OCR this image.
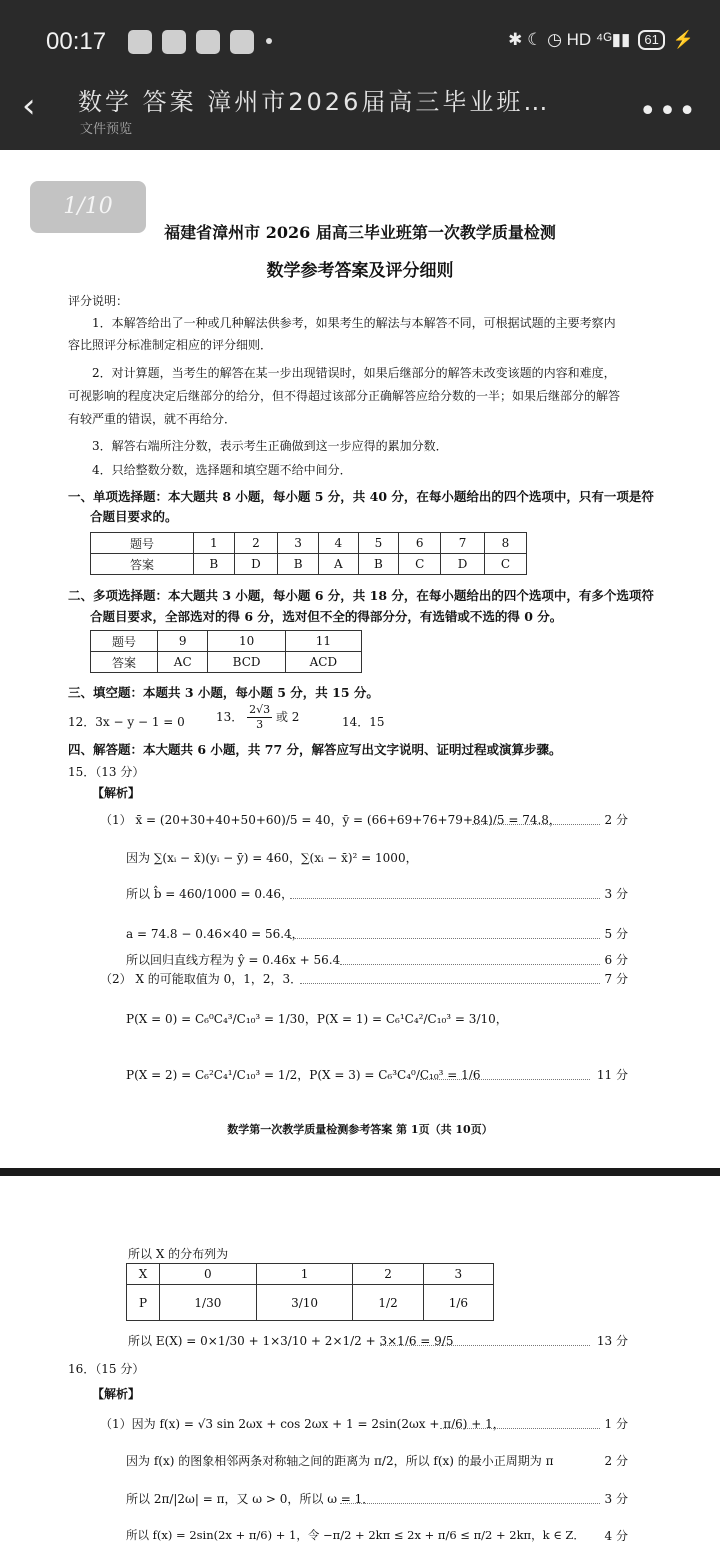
00:17	✱ ☾ ◷ HD ⁴ᴳ▮▮	61 ⚡
‹	数学 答案 漳州市2026届高三毕业班…
文件预览
•••
1/10
福建省漳州市 2026 届高三毕业班第一次教学质量检测
数学参考答案及评分细则
评分说明：
1．本解答给出了一种或几种解法供参考，如果考生的解法与本解答不同，可根据试题的主要考察内
容比照评分标准制定相应的评分细则．
2．对计算题，当考生的解答在某一步出现错误时，如果后继部分的解答未改变该题的内容和难度，
可视影响的程度决定后继部分的给分，但不得超过该部分正确解答应给分数的一半；如果后继部分的解答
有较严重的错误，就不再给分．
3．解答右端所注分数，表示考生正确做到这一步应得的累加分数．
4．只给整数分数，选择题和填空题不给中间分．
一、单项选择题：本大题共 8 小题，每小题 5 分，共 40 分，在每小题给出的四个选项中，只有一项是符
合题目要求的。
题号	1	2	3	4	5	6	7	8
答案	B	D	B	A	B	C	D	C
二、多项选择题：本大题共 3 小题，每小题 6 分，共 18 分，在每小题给出的四个选项中，有多个选项符
合题目要求，全部选对的得 6 分，选对但不全的得部分分，有选错或不选的得 0 分。
题号	9	10	11
答案	AC	BCD	ACD
三、填空题：本题共 3 小题，每小题 5 分，共 15 分。
12．3x − y − 1 = 0	13． $\frac{2√3}{3}$ 或 2	14．15
四、解答题：本大题共 6 小题，共 77 分，解答应写出文字说明、证明过程或演算步骤。
15．（13 分）
【解析】
（1） x̄ = (20+30+40+50+60)/5 = 40，ȳ = (66+69+76+79+84)/5 = 74.8，	2 分
因为 ∑(xᵢ − x̄)(yᵢ − ȳ) = 460，∑(xᵢ − x̄)² = 1000，
所以 b̂ = 460/1000 = 0.46，	3 分
a = 74.8 − 0.46×40 = 56.4，	5 分
所以回归直线方程为 ŷ = 0.46x + 56.4	6 分
（2） X 的可能取值为 0，1，2，3．	7 分
P(X = 0) = C₆⁰C₄³/C₁₀³ = 1/30，P(X = 1) = C₆¹C₄²/C₁₀³ = 3/10，
P(X = 2) = C₆²C₄¹/C₁₀³ = 1/2，P(X = 3) = C₆³C₄⁰/C₁₀³ = 1/6	11 分
数学第一次教学质量检测参考答案 第 1页（共 10页）
所以 X 的分布列为
X	0	1	2	3
P	1/30	3/10	1/2	1/6
所以 E(X) = 0×1/30 + 1×3/10 + 2×1/2 + 3×1/6 = 9/5	13 分
16．（15 分）
【解析】
（1）因为 f(x) = √3 sin 2ωx + cos 2ωx + 1 = 2sin(2ωx + π/6) + 1，	1 分
因为 f(x) 的图象相邻两条对称轴之间的距离为 π/2，所以 f(x) 的最小正周期为 π	2 分
所以 2π/|2ω| = π，又 ω > 0，所以 ω = 1．	3 分
所以 f(x) = 2sin(2x + π/6) + 1，令 −π/2 + 2kπ ≤ 2x + π/6 ≤ π/2 + 2kπ，k ∈ Z． 4 分
